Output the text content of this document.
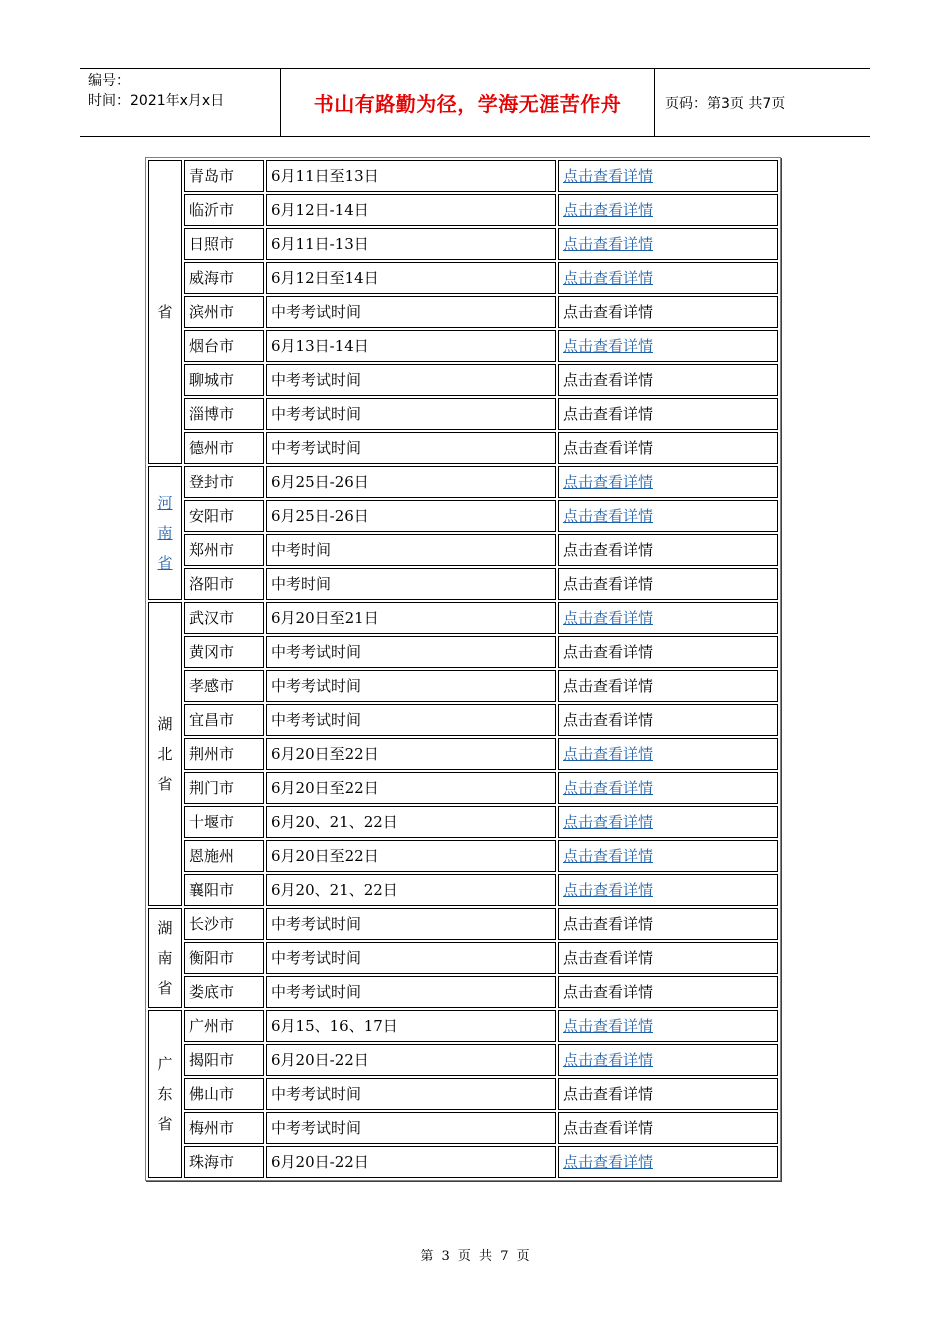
编号：
时间：2021年x月x日	书山有路勤为径，学海无涯苦作舟	页码：第3页 共7页
省	青岛市	6月11日至13日	点击查看详情
	临沂市	6月12日-14日	点击查看详情
	日照市	6月11日-13日	点击查看详情
	威海市	6月12日至14日	点击查看详情
	滨州市	中考考试时间	点击查看详情
	烟台市	6月13日-14日	点击查看详情
	聊城市	中考考试时间	点击查看详情
	淄博市	中考考试时间	点击查看详情
	德州市	中考考试时间	点击查看详情

河
南
省	登封市	6月25日-26日	点击查看详情
	安阳市	6月25日-26日	点击查看详情
	郑州市	中考时间	点击查看详情
	洛阳市	中考时间	点击查看详情

湖
北
省	武汉市	6月20日至21日	点击查看详情
	黄冈市	中考考试时间	点击查看详情
	孝感市	中考考试时间	点击查看详情
	宜昌市	中考考试时间	点击查看详情
	荆州市	6月20日至22日	点击查看详情
	荆门市	6月20日至22日	点击查看详情
	十堰市	6月20、21、22日	点击查看详情
	恩施州	6月20日至22日	点击查看详情
	襄阳市	6月20、21、22日	点击查看详情

湖
南
省	长沙市	中考考试时间	点击查看详情
	衡阳市	中考考试时间	点击查看详情
	娄底市	中考考试时间	点击查看详情

广
东
省	广州市	6月15、16、17日	点击查看详情
	揭阳市	6月20日-22日	点击查看详情
	佛山市	中考考试时间	点击查看详情
	梅州市	中考考试时间	点击查看详情
	珠海市	6月20日-22日	点击查看详情
第 3 页 共 7 页
